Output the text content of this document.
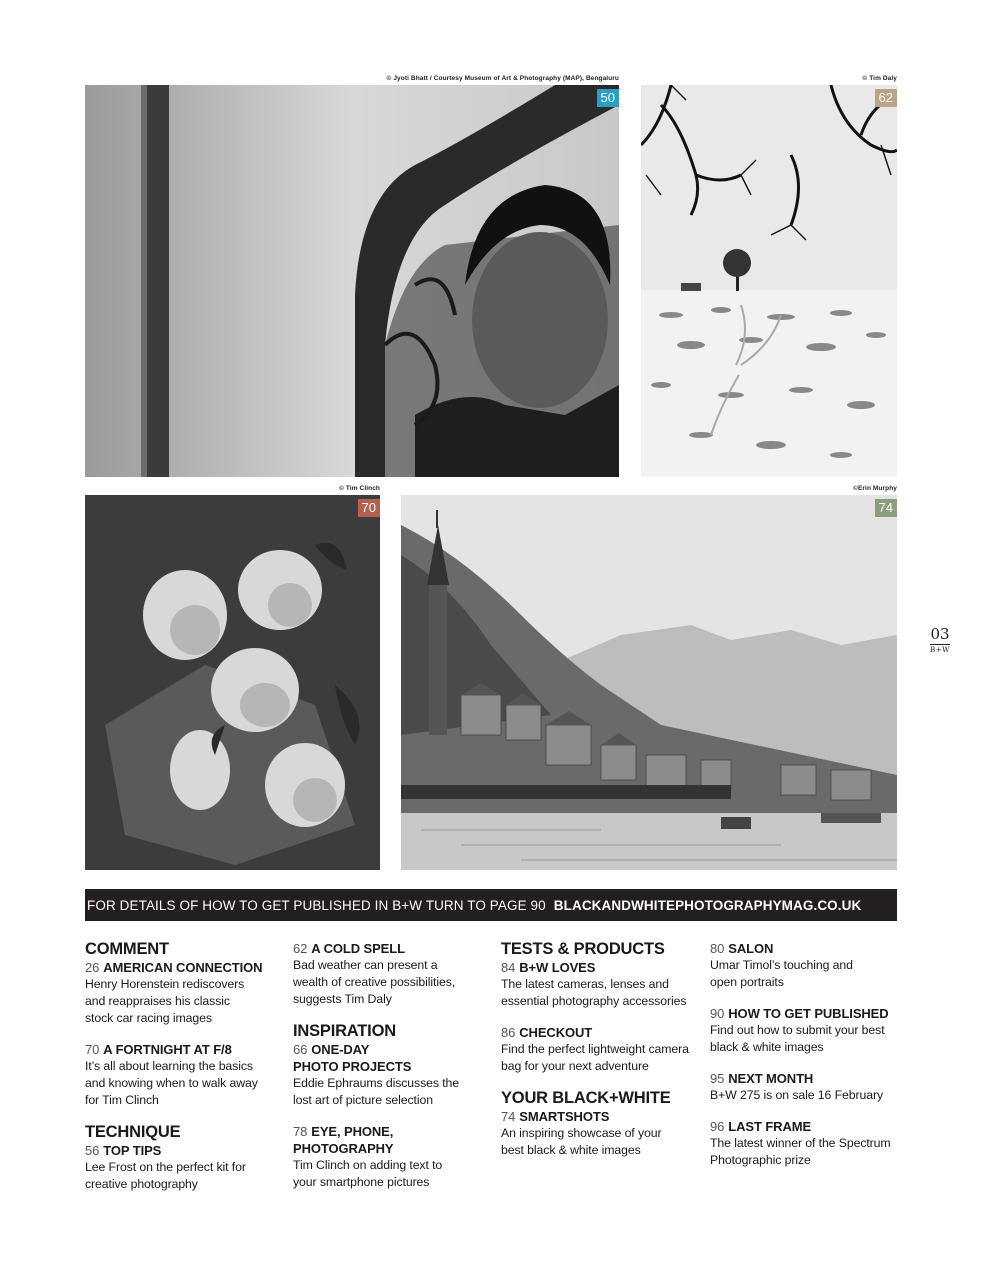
© Jyoti Bhatt / Courtesy Museum of Art & Photography (MAP), Bengaluru
50
© Tim Daly
62
© Tim Clinch
70
©Erin Murphy
74
03
B+W
FOR DETAILS OF HOW TO GET PUBLISHED IN B+W TURN TO PAGE 90 BLACKANDWHITEPHOTOGRAPHYMAG.CO.UK
COMMENT
26 AMERICAN CONNECTION
Henry Horenstein rediscovers and reappraises his classic stock car racing images
70 A FORTNIGHT AT F/8
It’s all about learning the basics and knowing when to walk away for Tim Clinch
TECHNIQUE
56 TOP TIPS
Lee Frost on the perfect kit for creative photography
62 A COLD SPELL
Bad weather can present a wealth of creative possibilities, suggests Tim Daly
INSPIRATION
66 ONE-DAY
PHOTO PROJECTS
Eddie Ephraums discusses the lost art of picture selection
78 EYE, PHONE,
PHOTOGRAPHY
Tim Clinch on adding text to your smartphone pictures
TESTS & PRODUCTS
84 B+W LOVES
The latest cameras, lenses and essential photography accessories
86 CHECKOUT
Find the perfect lightweight camera bag for your next adventure
YOUR BLACK+WHITE
74 SMARTSHOTS
An inspiring showcase of your best black & white images
80 SALON
Umar Timol’s touching and open portraits
90 HOW TO GET PUBLISHED
Find out how to submit your best black & white images
95 NEXT MONTH
B+W 275 is on sale 16 February
96 LAST FRAME
The latest winner of the Spectrum Photographic prize
